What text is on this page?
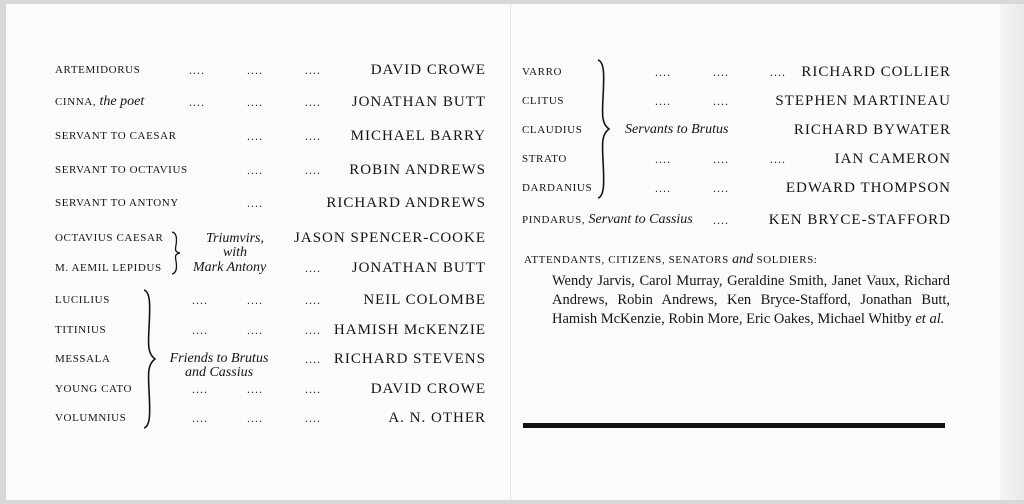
ARTEMIDORUS	....	....	....	DAVID CROWE
CINNA, the poet	....	....	.... JONATHAN BUTT
SERVANT TO CAESAR	....	.... MICHAEL BARRY
SERVANT TO OCTAVIUS	....	.... ROBIN ANDREWS
SERVANT TO ANTONY	....	RICHARD ANDREWS
OCTAVIUS CAESAR	JASON SPENCER-COOKE
M. AEMIL LEPIDUS	.... JONATHAN BUTT
Triumvirs,
with
Mark Antony
LUCILIUS	....	....	....	NEIL COLOMBE
TITINIUS	....	....	.... HAMISH McKENZIE
MESSALA	.... RICHARD STEVENS
YOUNG CATO	....	....	....	DAVID CROWE
VOLUMNIUS	....	....	....	A. N. OTHER
Friends to Brutus
and Cassius
VARRO	....	....	.... RICHARD COLLIER
CLITUS	....	....	STEPHEN MARTINEAU
CLAUDIUS	Servants to Brutus	RICHARD BYWATER
STRATO	....	....	....	IAN CAMERON
DARDANIUS	....	....	EDWARD THOMPSON
PINDARUS, Servant to Cassius ....	KEN BRYCE-STAFFORD
ATTENDANTS, CITIZENS, SENATORS and SOLDIERS:
Wendy Jarvis, Carol Murray, Geraldine Smith, Janet Vaux, Richard Andrews, Robin Andrews, Ken Bryce-Stafford, Jonathan Butt, Hamish McKenzie, Robin More, Eric Oakes, Michael Whitby et al.
